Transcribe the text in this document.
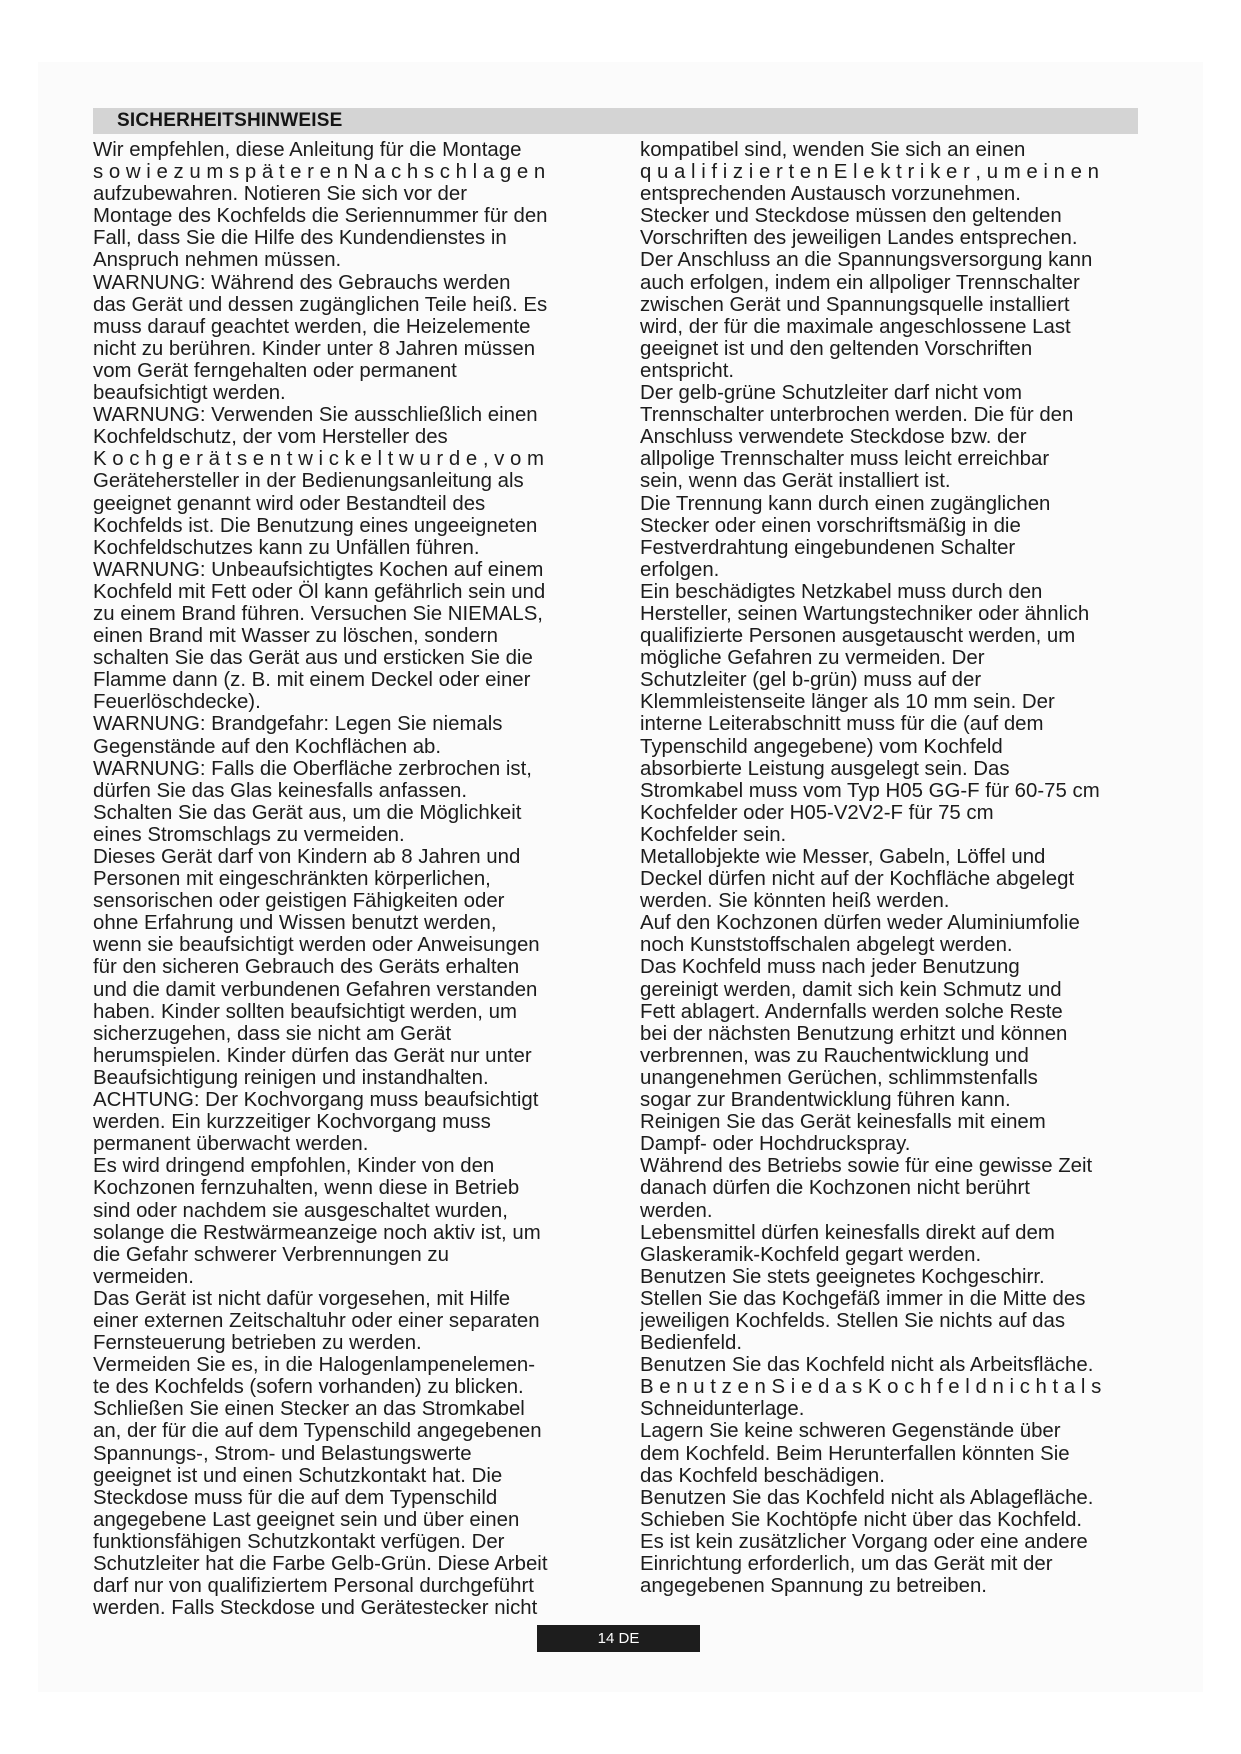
SICHERHEITSHINWEISE
Wir empfehlen, diese Anleitung für die Montage
s o w i e z u m s p ä t e r e n N a c h s c h l a g e n
aufzubewahren. Notieren Sie sich vor der
Montage des Kochfelds die Seriennummer für den
Fall, dass Sie die Hilfe des Kundendienstes in
Anspruch nehmen müssen.
WARNUNG: Während des Gebrauchs werden
das Gerät und dessen zugänglichen Teile heiß. Es
muss darauf geachtet werden, die Heizelemente
nicht zu berühren. Kinder unter 8 Jahren müssen
vom Gerät ferngehalten oder permanent
beaufsichtigt werden.
WARNUNG: Verwenden Sie ausschließlich einen
Kochfeldschutz, der vom Hersteller des
K o c h g e r ä t s e n t w i c k e l t w u r d e , v o m
Gerätehersteller in der Bedienungsanleitung als
geeignet genannt wird oder Bestandteil des
Kochfelds ist. Die Benutzung eines ungeeigneten
Kochfeldschutzes kann zu Unfällen führen.
WARNUNG: Unbeaufsichtigtes Kochen auf einem
Kochfeld mit Fett oder Öl kann gefährlich sein und
zu einem Brand führen. Versuchen Sie NIEMALS,
einen Brand mit Wasser zu löschen, sondern
schalten Sie das Gerät aus und ersticken Sie die
Flamme dann (z. B. mit einem Deckel oder einer
Feuerlöschdecke).
WARNUNG: Brandgefahr: Legen Sie niemals
Gegenstände auf den Kochflächen ab.
WARNUNG: Falls die Oberfläche zerbrochen ist,
dürfen Sie das Glas keinesfalls anfassen.
Schalten Sie das Gerät aus, um die Möglichkeit
eines Stromschlags zu vermeiden.
Dieses Gerät darf von Kindern ab 8 Jahren und
Personen mit eingeschränkten körperlichen,
sensorischen oder geistigen Fähigkeiten oder
ohne Erfahrung und Wissen benutzt werden,
wenn sie beaufsichtigt werden oder Anweisungen
für den sicheren Gebrauch des Geräts erhalten
und die damit verbundenen Gefahren verstanden
haben. Kinder sollten beaufsichtigt werden, um
sicherzugehen, dass sie nicht am Gerät
herumspielen. Kinder dürfen das Gerät nur unter
Beaufsichtigung reinigen und instandhalten.
ACHTUNG: Der Kochvorgang muss beaufsichtigt
werden. Ein kurzzeitiger Kochvorgang muss
permanent überwacht werden.
Es wird dringend empfohlen, Kinder von den
Kochzonen fernzuhalten, wenn diese in Betrieb
sind oder nachdem sie ausgeschaltet wurden,
solange die Restwärmeanzeige noch aktiv ist, um
die Gefahr schwerer Verbrennungen zu
vermeiden.
Das Gerät ist nicht dafür vorgesehen, mit Hilfe
einer externen Zeitschaltuhr oder einer separaten
Fernsteuerung betrieben zu werden.
Vermeiden Sie es, in die Halogenlampenelemen-
te des Kochfelds (sofern vorhanden) zu blicken.
Schließen Sie einen Stecker an das Stromkabel
an, der für die auf dem Typenschild angegebenen
Spannungs-, Strom- und Belastungswerte
geeignet ist und einen Schutzkontakt hat. Die
Steckdose muss für die auf dem Typenschild
angegebene Last geeignet sein und über einen
funktionsfähigen Schutzkontakt verfügen. Der
Schutzleiter hat die Farbe Gelb-Grün. Diese Arbeit
darf nur von qualifiziertem Personal durchgeführt
werden. Falls Steckdose und Gerätestecker nicht
kompatibel sind, wenden Sie sich an einen
q u a l i f i z i e r t e n E l e k t r i k e r , u m e i n e n
entsprechenden Austausch vorzunehmen.
Stecker und Steckdose müssen den geltenden
Vorschriften des jeweiligen Landes entsprechen.
Der Anschluss an die Spannungsversorgung kann
auch erfolgen, indem ein allpoliger Trennschalter
zwischen Gerät und Spannungsquelle installiert
wird, der für die maximale angeschlossene Last
geeignet ist und den geltenden Vorschriften
entspricht.
Der gelb-grüne Schutzleiter darf nicht vom
Trennschalter unterbrochen werden. Die für den
Anschluss verwendete Steckdose bzw. der
allpolige Trennschalter muss leicht erreichbar
sein, wenn das Gerät installiert ist.
Die Trennung kann durch einen zugänglichen
Stecker oder einen vorschriftsmäßig in die
Festverdrahtung eingebundenen Schalter
erfolgen.
Ein beschädigtes Netzkabel muss durch den
Hersteller, seinen Wartungstechniker oder ähnlich
qualifizierte Personen ausgetauscht werden, um
mögliche Gefahren zu vermeiden. Der
Schutzleiter (gel b-grün) muss auf der
Klemmleistenseite länger als 10 mm sein. Der
interne Leiterabschnitt muss für die (auf dem
Typenschild angegebene) vom Kochfeld
absorbierte Leistung ausgelegt sein. Das
Stromkabel muss vom Typ H05 GG-F für 60-75 cm
Kochfelder oder H05-V2V2-F für 75 cm
Kochfelder sein.
Metallobjekte wie Messer, Gabeln, Löffel und
Deckel dürfen nicht auf der Kochfläche abgelegt
werden. Sie könnten heiß werden.
Auf den Kochzonen dürfen weder Aluminiumfolie
noch Kunststoffschalen abgelegt werden.
Das Kochfeld muss nach jeder Benutzung
gereinigt werden, damit sich kein Schmutz und
Fett ablagert. Andernfalls werden solche Reste
bei der nächsten Benutzung erhitzt und können
verbrennen, was zu Rauchentwicklung und
unangenehmen Gerüchen, schlimmstenfalls
sogar zur Brandentwicklung führen kann.
Reinigen Sie das Gerät keinesfalls mit einem
Dampf- oder Hochdruckspray.
Während des Betriebs sowie für eine gewisse Zeit
danach dürfen die Kochzonen nicht berührt
werden.
Lebensmittel dürfen keinesfalls direkt auf dem
Glaskeramik-Kochfeld gegart werden.
Benutzen Sie stets geeignetes Kochgeschirr.
Stellen Sie das Kochgefäß immer in die Mitte des
jeweiligen Kochfelds. Stellen Sie nichts auf das
Bedienfeld.
Benutzen Sie das Kochfeld nicht als Arbeitsfläche.
B e n u t z e n S i e d a s K o c h f e l d n i c h t a l s
Schneidunterlage.
Lagern Sie keine schweren Gegenstände über
dem Kochfeld. Beim Herunterfallen könnten Sie
das Kochfeld beschädigen.
Benutzen Sie das Kochfeld nicht als Ablagefläche.
Schieben Sie Kochtöpfe nicht über das Kochfeld.
Es ist kein zusätzlicher Vorgang oder eine andere
Einrichtung erforderlich, um das Gerät mit der
angegebenen Spannung zu betreiben.
14 DE
